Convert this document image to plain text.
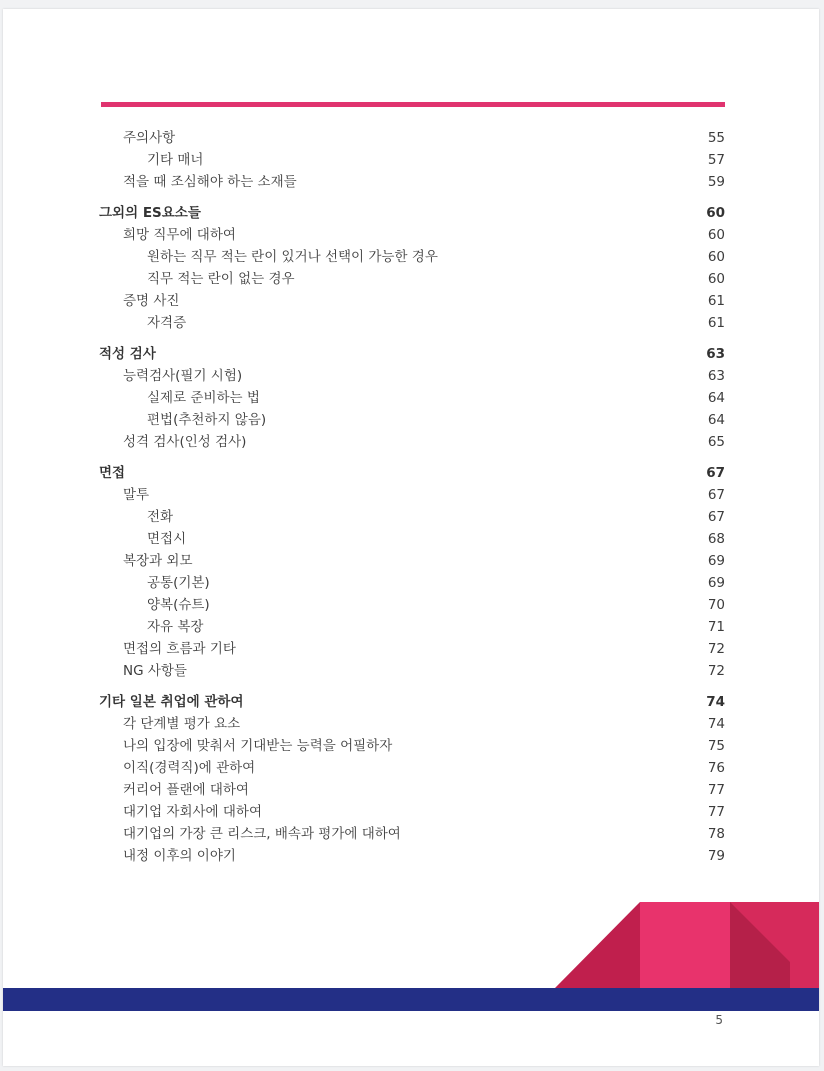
주의사항	55
기타 매너	57
적을 때 조심해야 하는 소재들	59
그외의 ES요소들	60
희망 직무에 대하여	60
원하는 직무 적는 란이 있거나 선택이 가능한 경우	60
직무 적는 란이 없는 경우	60
증명 사진	61
자격증	61
적성 검사	63
능력검사(필기 시험)	63
실제로 준비하는 법	64
편법(추천하지 않음)	64
성격 검사(인성 검사)	65
면접	67
말투	67
전화	67
면접시	68
복장과 외모	69
공통(기본)	69
양복(슈트)	70
자유 복장	71
면접의 흐름과 기타	72
NG 사항들	72
기타 일본 취업에 관하여	74
각 단계별 평가 요소	74
나의 입장에 맞춰서 기대받는 능력을 어필하자	75
이직(경력직)에 관하여	76
커리어 플랜에 대하여	77
대기업 자회사에 대하여	77
대기업의 가장 큰 리스크, 배속과 평가에 대하여	78
내정 이후의 이야기	79
5
